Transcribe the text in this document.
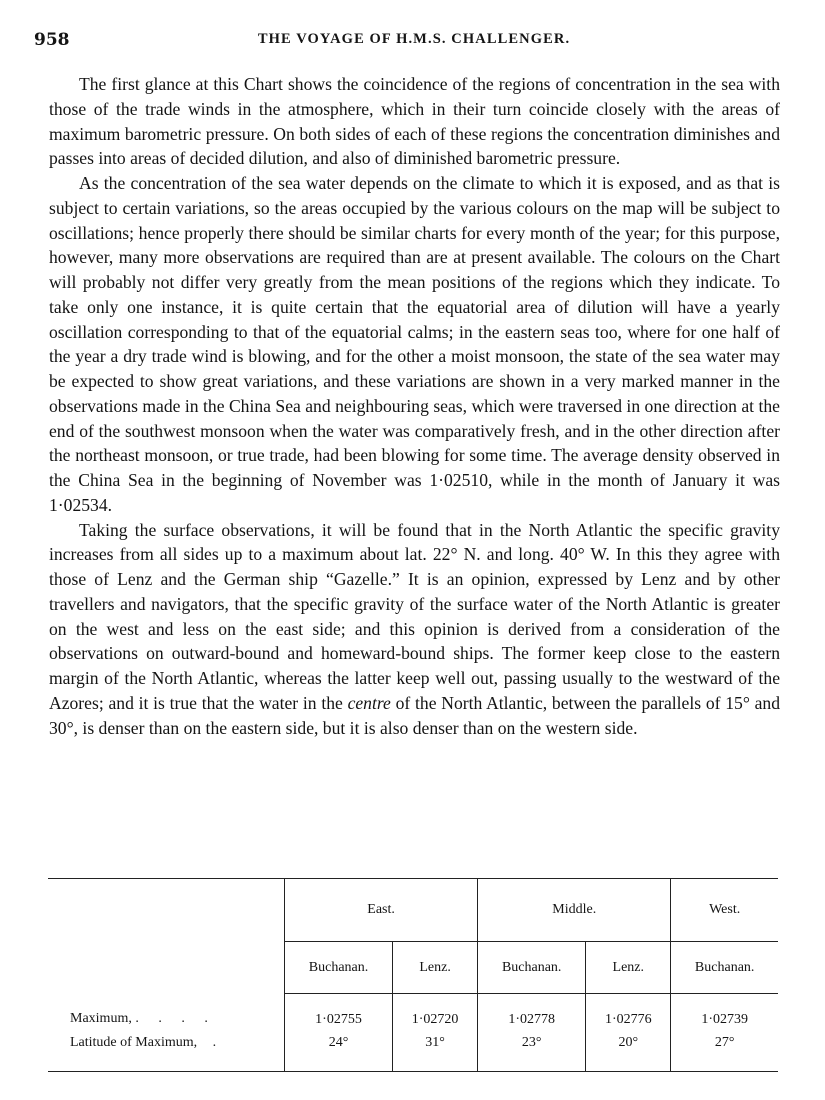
958	THE VOYAGE OF H.M.S. CHALLENGER.

The first glance at this Chart shows the coincidence of the regions of concentration in the sea with those of the trade winds in the atmosphere, which in their turn coincide closely with the areas of maximum barometric pressure. On both sides of each of these regions the concentration diminishes and passes into areas of decided dilution, and also of diminished barometric pressure.

As the concentration of the sea water depends on the climate to which it is exposed, and as that is subject to certain variations, so the areas occupied by the various colours on the map will be subject to oscillations; hence properly there should be similar charts for every month of the year; for this purpose, however, many more observations are required than are at present available. The colours on the Chart will probably not differ very greatly from the mean positions of the regions which they indicate. To take only one instance, it is quite certain that the equatorial area of dilution will have a yearly oscillation corresponding to that of the equatorial calms; in the eastern seas too, where for one half of the year a dry trade wind is blowing, and for the other a moist monsoon, the state of the sea water may be expected to show great variations, and these variations are shown in a very marked manner in the observations made in the China Sea and neighbouring seas, which were traversed in one direction at the end of the southwest monsoon when the water was comparatively fresh, and in the other direction after the northeast monsoon, or true trade, had been blowing for some time. The average density observed in the China Sea in the beginning of November was 1·02510, while in the month of January it was 1·02534.

Taking the surface observations, it will be found that in the North Atlantic the specific gravity increases from all sides up to a maximum about lat. 22° N. and long. 40° W. In this they agree with those of Lenz and the German ship “Gazelle.” It is an opinion, expressed by Lenz and by other travellers and navigators, that the specific gravity of the surface water of the North Atlantic is greater on the west and less on the east side; and this opinion is derived from a consideration of the observations on outward-bound and homeward-bound ships. The former keep close to the eastern margin of the North Atlantic, whereas the latter keep well out, passing usually to the westward of the Azores; and it is true that the water in the centre of the North Atlantic, between the parallels of 15° and 30°, is denser than on the eastern side, but it is also denser than on the western side.

	East.		Middle.		West.
	Buchanan.	Lenz.	Buchanan.	Lenz.	Buchanan.
Maximum, . . . .	1·02755	1·02720	1·02778	1·02776	1·02739
Latitude of Maximum, .	24°	31°	23°	20°	27°
